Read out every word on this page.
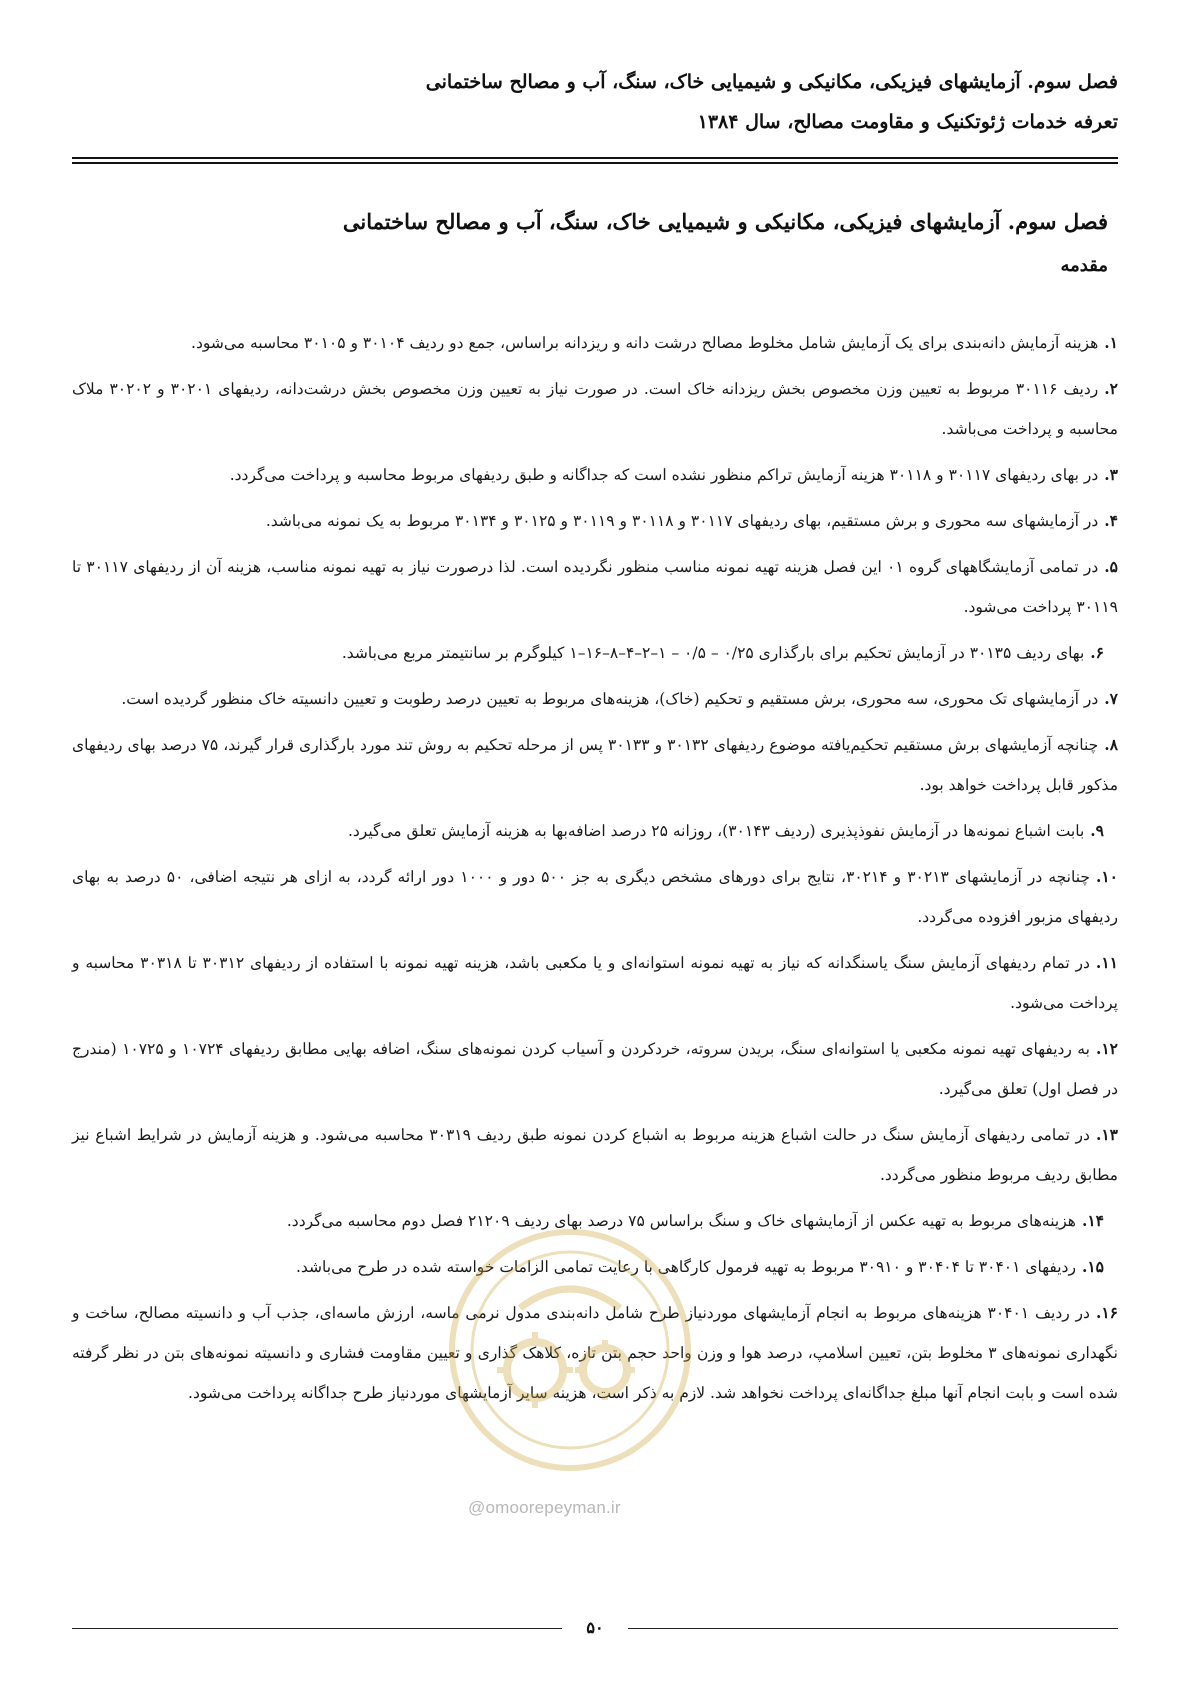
فصل سوم. آزمایشهای فیزیکی، مکانیکی و شیمیایی خاک، سنگ، آب و مصالح ساختمانی
تعرفه خدمات ژئوتکنیک و مقاومت مصالح، سال ۱۳۸۴
فصل سوم. آزمایشهای فیزیکی، مکانیکی و شیمیایی خاک، سنگ، آب و مصالح ساختمانی
مقدمه
۱.هزینه آزمایش دانه‌بندی برای یک آزمایش شامل مخلوط مصالح درشت دانه و ریزدانه براساس، جمع دو ردیف ۳۰۱۰۴ و ۳۰۱۰۵ محاسبه می‌شود.
۲.ردیف ۳۰۱۱۶ مربوط به تعیین وزن مخصوص بخش ریزدانه خاک است. در صورت نیاز به تعیین وزن مخصوص بخش درشت‌دانه، ردیفهای ۳۰۲۰۱ و ۳۰۲۰۲ ملاک محاسبه و پرداخت می‌باشد.
۳.در بهای ردیفهای ۳۰۱۱۷ و ۳۰۱۱۸ هزینه آزمایش تراکم منظور نشده است که جداگانه و طبق ردیفهای مربوط محاسبه و پرداخت می‌گردد.
۴.در آزمایشهای سه محوری و برش مستقیم، بهای ردیفهای ۳۰۱۱۷ و ۳۰۱۱۸ و ۳۰۱۱۹ و ۳۰۱۲۵ و ۳۰۱۳۴ مربوط به یک نمونه می‌باشد.
۵.در تمامی آزمایشگاههای گروه ۰۱ این فصل هزینه تهیه نمونه مناسب منظور نگردیده است. لذا درصورت نیاز به تهیه نمونه مناسب، هزینه آن از ردیفهای ۳۰۱۱۷ تا ۳۰۱۱۹ پرداخت می‌شود.
۶.بهای ردیف ۳۰۱۳۵ در آزمایش تحکیم برای بارگذاری ۰/۲۵ – ۰/۵ – ۱–۲–۴–۸–۱۶–۱ کیلوگرم بر سانتیمتر مربع می‌باشد.
۷.در آزمایشهای تک محوری، سه محوری، برش مستقیم و تحکیم (خاک)، هزینه‌های مربوط به تعیین درصد رطوبت و تعیین دانسیته خاک منظور گردیده است.
۸.چنانچه آزمایشهای برش مستقیم تحکیم‌یافته موضوع ردیفهای ۳۰۱۳۲ و ۳۰۱۳۳ پس از مرحله تحکیم به روش تند مورد بارگذاری قرار گیرند، ۷۵ درصد بهای ردیفهای مذکور قابل پرداخت خواهد بود.
۹.بابت اشباع نمونه‌ها در آزمایش نفوذپذیری (ردیف ۳۰۱۴۳)، روزانه ۲۵ درصد اضافه‌بها به هزینه آزمایش تعلق می‌گیرد.
۱۰.چنانچه در آزمایشهای ۳۰۲۱۳ و ۳۰۲۱۴، نتایج برای دورهای مشخص دیگری به جز ۵۰۰ دور و ۱۰۰۰ دور ارائه گردد، به ازای هر نتیجه اضافی، ۵۰ درصد به بهای ردیفهای مزبور افزوده می‌گردد.
۱۱.در تمام ردیفهای آزمایش سنگ یاسنگدانه که نیاز به تهیه نمونه استوانه‌ای و یا مکعبی باشد، هزینه تهیه نمونه با استفاده از ردیفهای ۳۰۳۱۲ تا ۳۰۳۱۸ محاسبه و پرداخت می‌شود.
۱۲.به ردیفهای تهیه نمونه مکعبی یا استوانه‌ای سنگ، بریدن سروته، خردکردن و آسیاب کردن نمونه‌های سنگ، اضافه بهایی مطابق ردیفهای ۱۰۷۲۴ و ۱۰۷۲۵ (مندرج در فصل اول) تعلق می‌گیرد.
۱۳.در تمامی ردیفهای آزمایش سنگ در حالت اشباع هزینه مربوط به اشباع کردن نمونه طبق ردیف ۳۰۳۱۹ محاسبه می‌شود. و هزینه آزمایش در شرایط اشباع نیز مطابق ردیف مربوط منظور می‌گردد.
۱۴.هزینه‌های مربوط به تهیه عکس از آزمایشهای خاک و سنگ براساس ۷۵ درصد بهای ردیف ۲۱۲۰۹ فصل دوم محاسبه می‌گردد.
۱۵.ردیفهای ۳۰۴۰۱ تا ۳۰۴۰۴ و ۳۰۹۱۰ مربوط به تهیه فرمول کارگاهی با رعایت تمامی الزامات خواسته شده در طرح می‌باشد.
۱۶.در ردیف ۳۰۴۰۱ هزینه‌های مربوط به انجام آزمایشهای موردنیاز طرح شامل دانه‌بندی مدول نرمی ماسه، ارزش ماسه‌ای، جذب آب و دانسیته مصالح، ساخت و نگهداری نمونه‌های ۳ مخلوط بتن، تعیین اسلامپ، درصد هوا و وزن واحد حجم بتن تازه، کلاهک گذاری و تعیین مقاومت فشاری و دانسیته نمونه‌های بتن در نظر گرفته شده است و بابت انجام آنها مبلغ جداگانه‌ای پرداخت نخواهد شد. لازم به ذکر است، هزینه سایر آزمایشهای موردنیاز طرح جداگانه پرداخت می‌شود.
@omoorepeyman.ir
۵۰
